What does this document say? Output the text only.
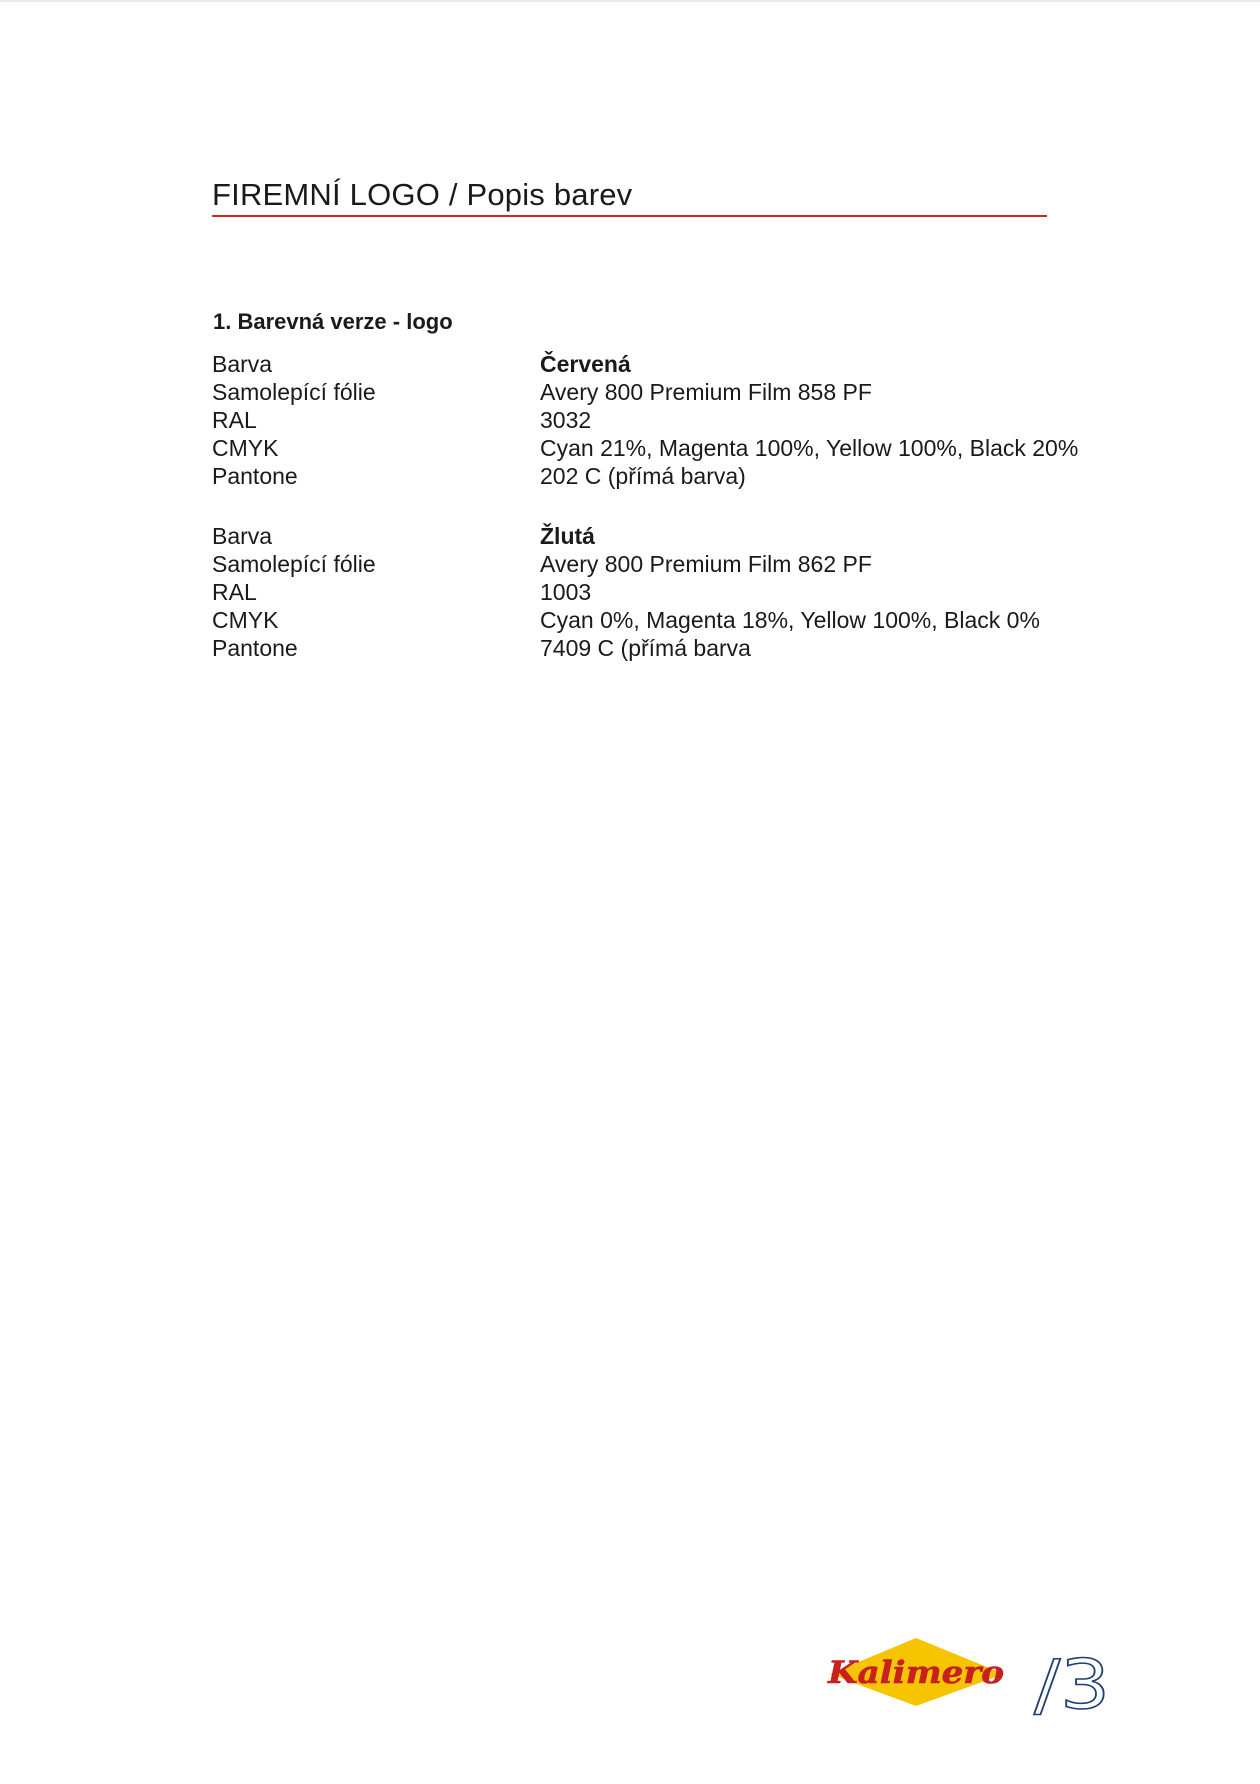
FIREMNÍ LOGO / Popis barev
1. Barevná verze - logo
Barva	Červená
Samolepící fólie	Avery 800 Premium Film 858 PF
RAL	3032
CMYK	Cyan 21%, Magenta 100%, Yellow 100%, Black 20%
Pantone	202 C (přímá barva)
Barva	Žlutá
Samolepící fólie	Avery 800 Premium Film 862 PF
RAL	1003
CMYK	Cyan 0%, Magenta 18%, Yellow 100%, Black 0%
Pantone	7409 C (přímá barva
Kalimero /3
